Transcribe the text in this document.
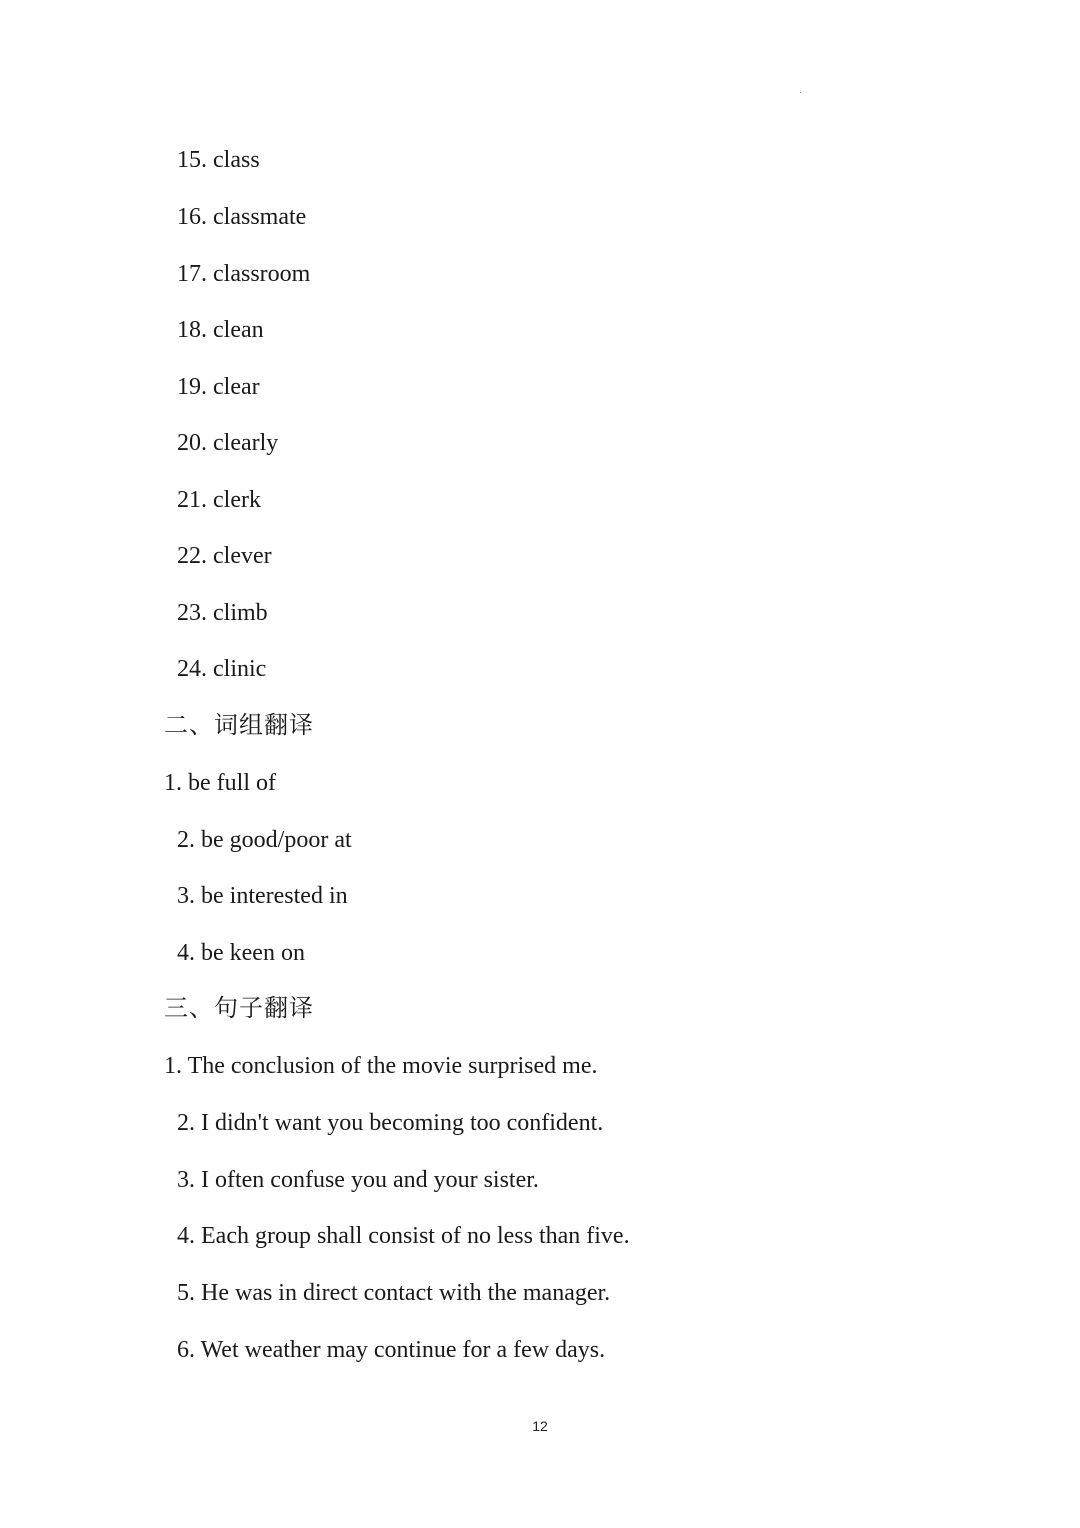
15. class
16. classmate
17. classroom
18. clean
19. clear
20. clearly
21. clerk
22. clever
23. climb
24. clinic
二、词组翻译
1. be full of
2. be good/poor at
3. be interested in
4. be keen on
三、句子翻译
1. The conclusion of the movie surprised me.
2. I didn't want you becoming too confident.
3. I often confuse you and your sister.
4. Each group shall consist of no less than five.
5. He was in direct contact with the manager.
6. Wet weather may continue for a few days.
12
